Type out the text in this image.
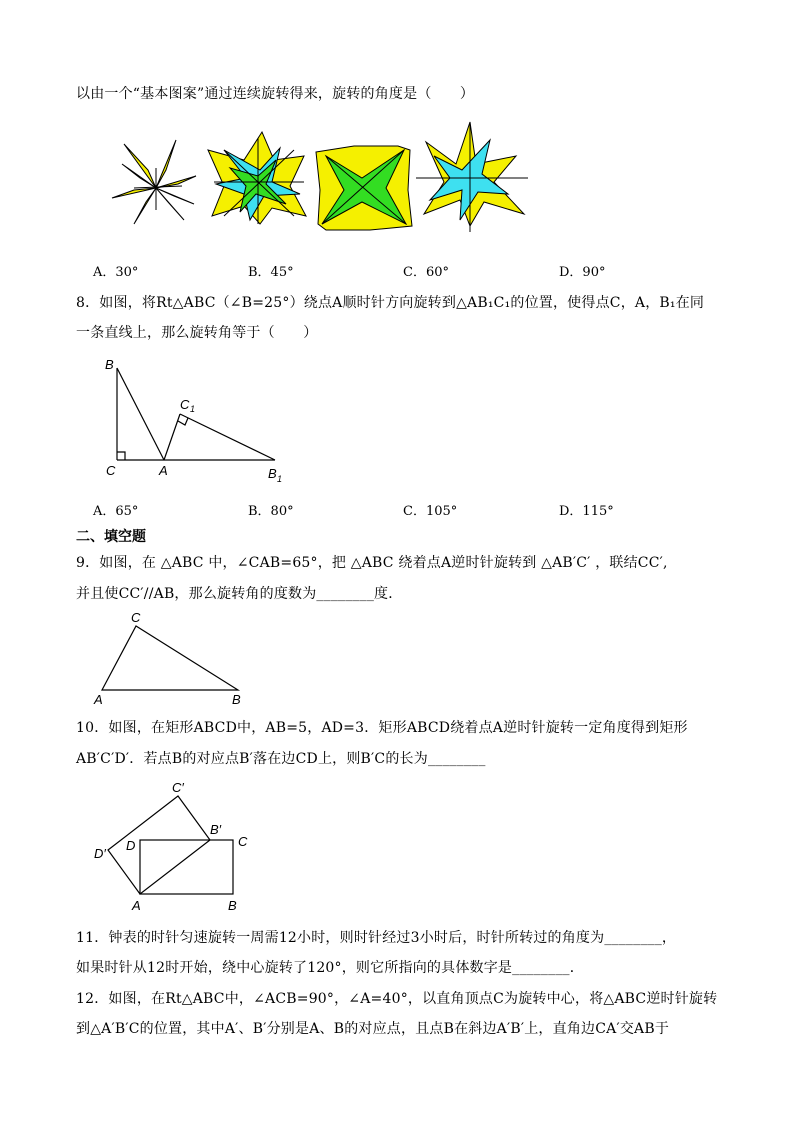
以由一个“基本图案”通过连续旋转得来，旋转的角度是（　　）
A．30°	B．45°	C．60°	D．90°
8．如图，将Rt△ABC（∠B=25°）绕点A顺时针方向旋转到△AB₁C₁的位置，使得点C，A，B₁在同
一条直线上，那么旋转角等于（　　）
B
C 1
C	A	B 1
A．65°	B．80°	C．105°	D．115°
二、填空题
9．如图，在 △ABC 中，∠CAB=65°，把 △ABC 绕着点A逆时针旋转到 △AB′C′ ，联结CC′,
并且使CC′//AB，那么旋转角的度数为________度．
C
A	B
10．如图，在矩形ABCD中，AB=5，AD=3．矩形ABCD绕着点A逆时针旋转一定角度得到矩形
AB′C′D′．若点B的对应点B′落在边CD上，则B′C的长为________
C′
B′
C
D′
D
A	B
11．钟表的时针匀速旋转一周需12小时，则时针经过3小时后，时针所转过的角度为________，
如果时针从12时开始，绕中心旋转了120°，则它所指向的具体数字是________．
12．如图，在Rt△ABC中，∠ACB=90°，∠A=40°，以直角顶点C为旋转中心，将△ABC逆时针旋转
到△A′B′C的位置，其中A′、B′分别是A、B的对应点，且点B在斜边A′B′上，直角边CA′交AB于
